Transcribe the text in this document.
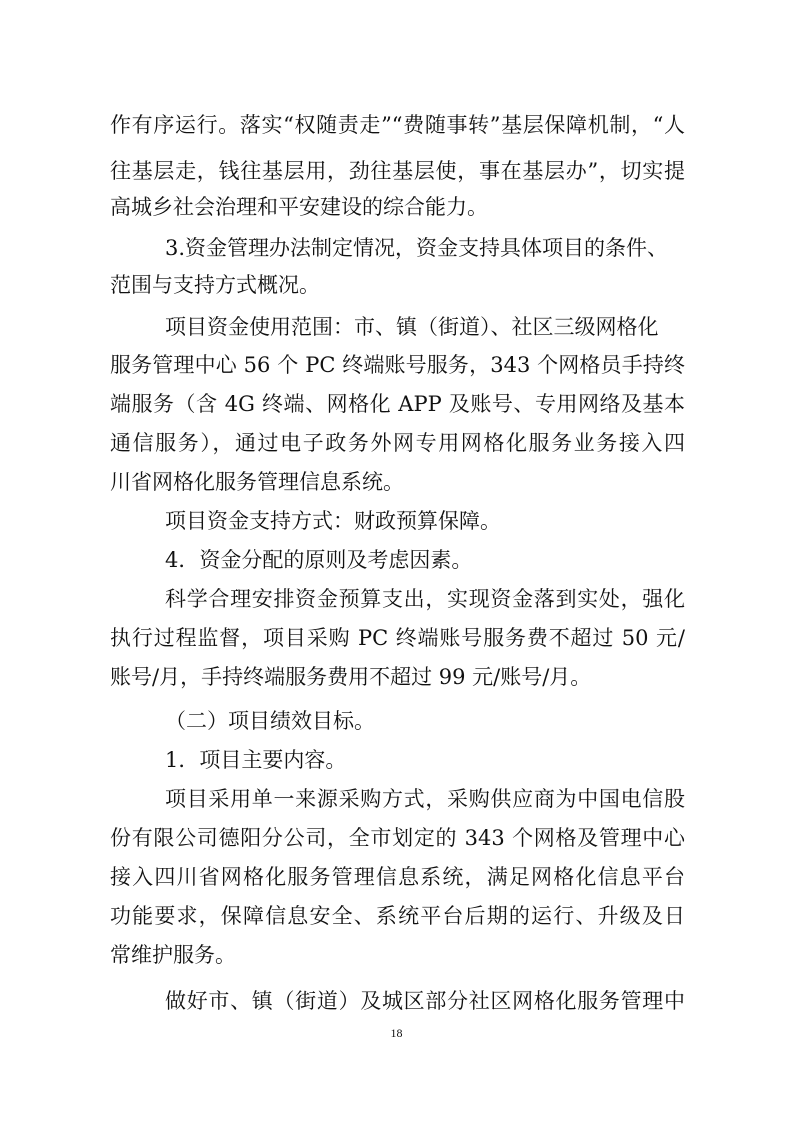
作有序运行。落实“权随责走”“费随事转”基层保障机制，“人
往基层走，钱往基层用，劲往基层使，事在基层办”，切实提
高城乡社会治理和平安建设的综合能力。
3.资金管理办法制定情况，资金支持具体项目的条件、
范围与支持方式概况。
项目资金使用范围：市、镇（街道）、社区三级网格化
服务管理中心 56 个 PC 终端账号服务，343 个网格员手持终
端服务（含 4G 终端、网格化 APP 及账号、专用网络及基本
通信服务），通过电子政务外网专用网格化服务业务接入四
川省网格化服务管理信息系统。
项目资金支持方式：财政预算保障。
4．资金分配的原则及考虑因素。
科学合理安排资金预算支出，实现资金落到实处，强化
执行过程监督，项目采购 PC 终端账号服务费不超过 50 元/
账号/月，手持终端服务费用不超过 99 元/账号/月。
（二）项目绩效目标。
1．项目主要内容。
项目采用单一来源采购方式，采购供应商为中国电信股
份有限公司德阳分公司，全市划定的 343 个网格及管理中心
接入四川省网格化服务管理信息系统，满足网格化信息平台
功能要求，保障信息安全、系统平台后期的运行、升级及日
常维护服务。
做好市、镇（街道）及城区部分社区网格化服务管理中
18
